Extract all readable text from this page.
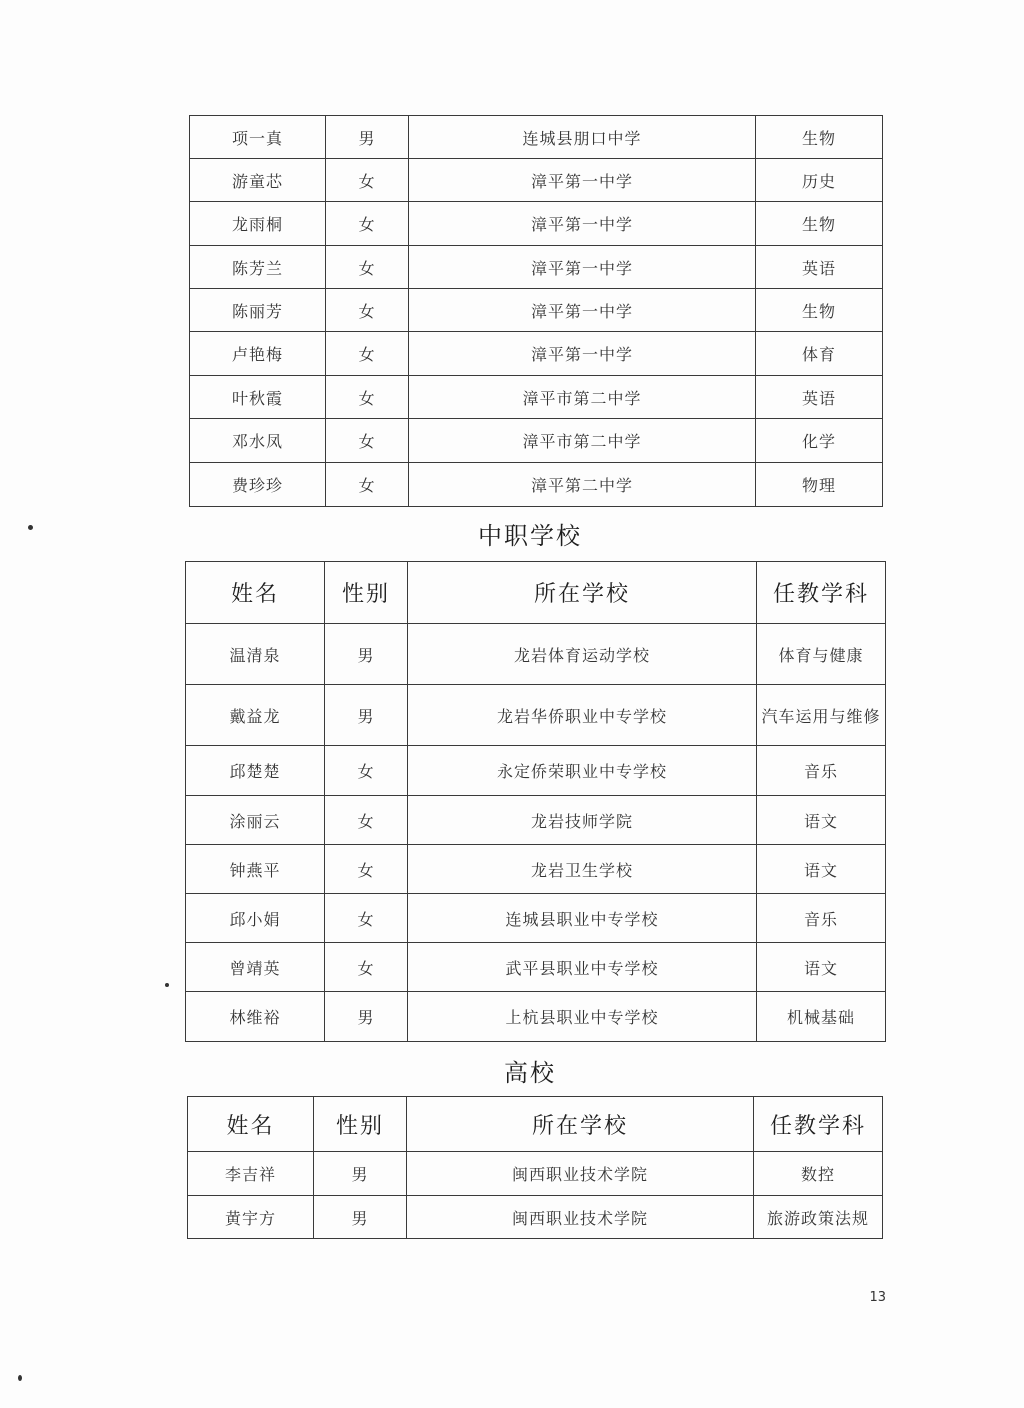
项一真	男	连城县朋口中学	生物
游童芯	女	漳平第一中学	历史
龙雨桐	女	漳平第一中学	生物
陈芳兰	女	漳平第一中学	英语
陈丽芳	女	漳平第一中学	生物
卢艳梅	女	漳平第一中学	体育
叶秋霞	女	漳平市第二中学	英语
邓水凤	女	漳平市第二中学	化学
费珍珍	女	漳平第二中学	物理
中职学校
姓名	性别	所在学校	任教学科
温清泉	男	龙岩体育运动学校	体育与健康
戴益龙	男	龙岩华侨职业中专学校	汽车运用与维修
邱楚楚	女	永定侨荣职业中专学校	音乐
涂丽云	女	龙岩技师学院	语文
钟燕平	女	龙岩卫生学校	语文
邱小娟	女	连城县职业中专学校	音乐
曾靖英	女	武平县职业中专学校	语文
林维裕	男	上杭县职业中专学校	机械基础
高校
姓名	性别	所在学校	任教学科
李吉祥	男	闽西职业技术学院	数控
黄宇方	男	闽西职业技术学院	旅游政策法规
13
